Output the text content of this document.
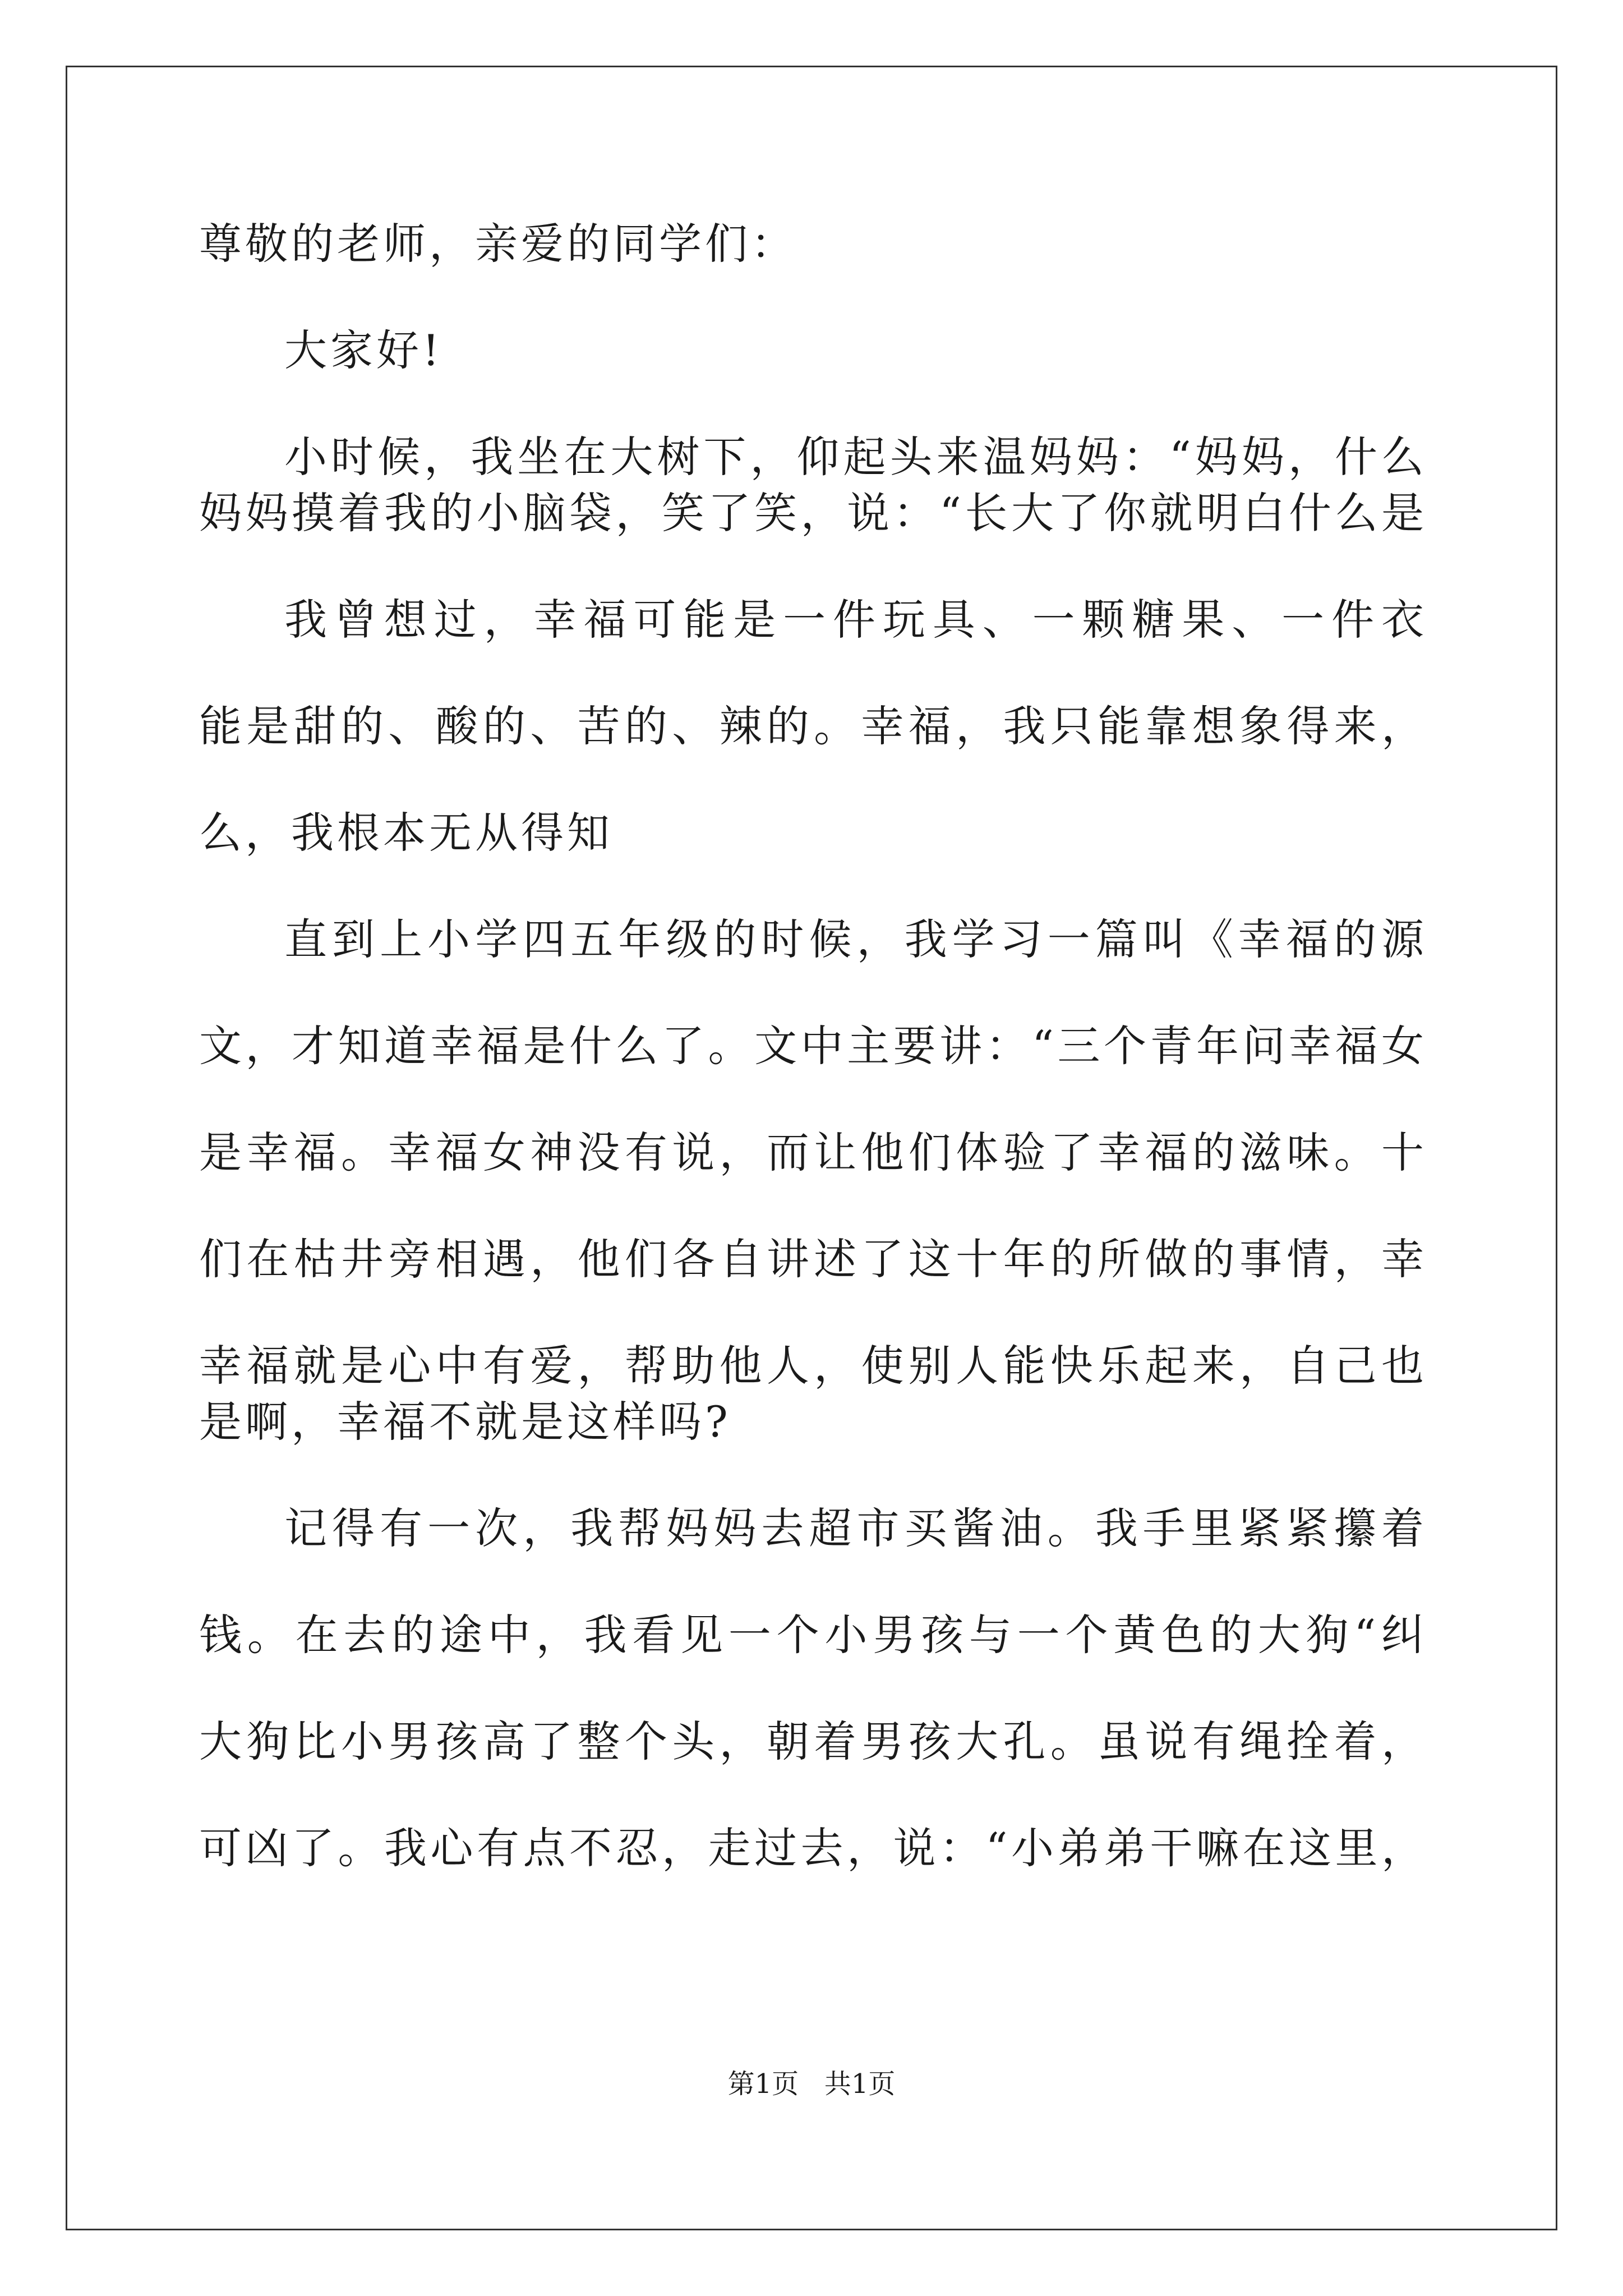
尊敬的老师，亲爱的同学们：
大家好!
小时候，我坐在大树下，仰起头来温妈妈：“妈妈，什么
妈妈摸着我的小脑袋，笑了笑，说：“长大了你就明白什么是
我曾想过，幸福可能是一件玩具、一颗糖果、一件衣
能是甜的、酸的、苦的、辣的。幸福，我只能靠想象得来，
么，我根本无从得知
直到上小学四五年级的时候，我学习一篇叫《幸福的源
文，才知道幸福是什么了。文中主要讲：“三个青年问幸福女
是幸福。幸福女神没有说，而让他们体验了幸福的滋味。十
们在枯井旁相遇，他们各自讲述了这十年的所做的事情，幸
幸福就是心中有爱，帮助他人，使别人能快乐起来，自己也
是啊，幸福不就是这样吗?
记得有一次，我帮妈妈去超市买酱油。我手里紧紧攥着
钱。在去的途中，我看见一个小男孩与一个黄色的大狗“纠
大狗比小男孩高了整个头，朝着男孩大孔。虽说有绳拴着，
可凶了。我心有点不忍，走过去，说：“小弟弟干嘛在这里，
第1页 共1页
